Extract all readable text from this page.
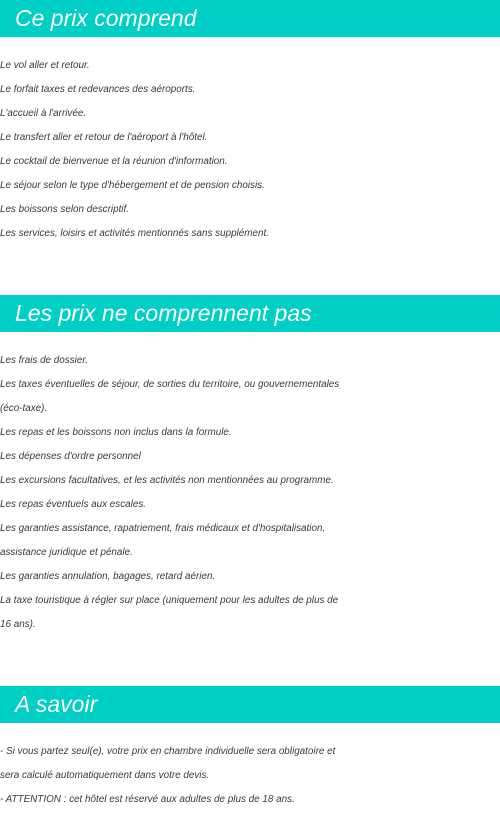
Ce prix comprend
Le vol aller et retour.
Le forfait taxes et redevances des aéroports.
L'accueil à l'arrivée.
Le transfert aller et retour de l'aéroport à l'hôtel.
Le cocktail de bienvenue et la réunion d'information.
Le séjour selon le type d'hébergement et de pension choisis.
Les boissons selon descriptif.
Les services, loisirs et activités mentionnés sans supplément.
Les prix ne comprennent pas
Les frais de dossier.
Les taxes éventuelles de séjour, de sorties du territoire, ou gouvernementales
(éco-taxe).
Les repas et les boissons non inclus dans la formule.
Les dépenses d'ordre personnel
Les excursions facultatives, et les activités non mentionnées au programme.
Les repas éventuels aux escales.
Les garanties assistance, rapatriement, frais médicaux et d'hospitalisation,
assistance juridique et pénale.
Les garanties annulation, bagages, retard aérien.
La taxe touristique à régler sur place (uniquement pour les adultes de plus de
16 ans).
A savoir
- Si vous partez seul(e), votre prix en chambre individuelle sera obligatoire et
sera calculé automatiquement dans votre devis.
- ATTENTION : cet hôtel est réservé aux adultes de plus de 18 ans.
